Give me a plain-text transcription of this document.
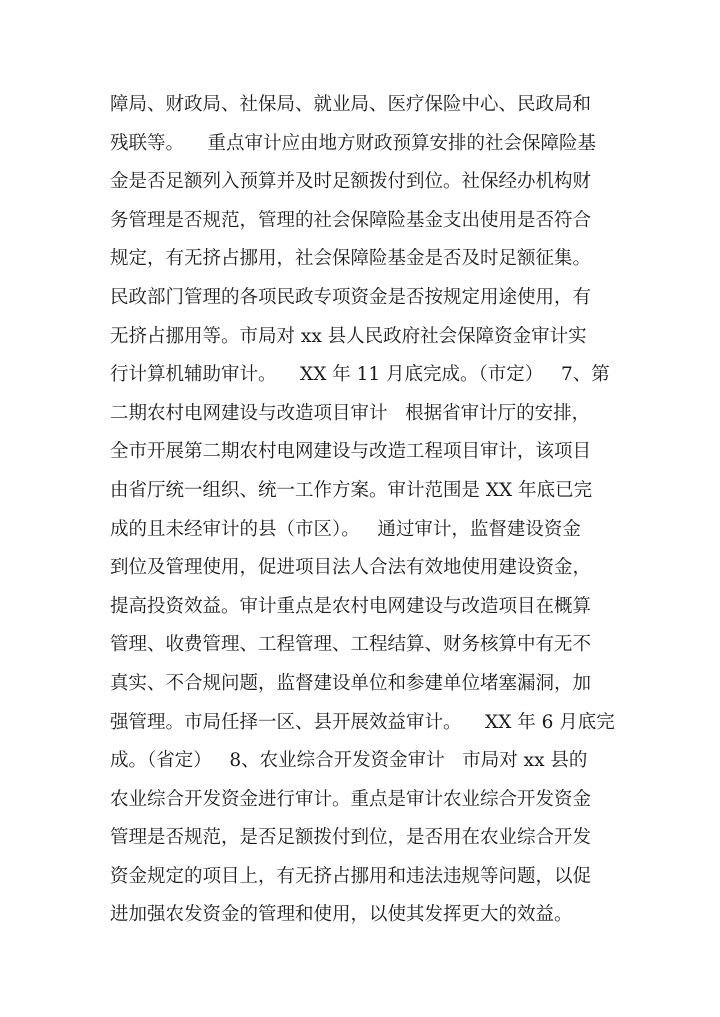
障局、财政局、社保局、就业局、医疗保险中心、民政局和
残联等。    重点审计应由地方财政预算安排的社会保障险基
金是否足额列入预算并及时足额拨付到位。社保经办机构财
务管理是否规范，管理的社会保障险基金支出使用是否符合
规定，有无挤占挪用，社会保障险基金是否及时足额征集。
民政部门管理的各项民政专项资金是否按规定用途使用，有
无挤占挪用等。市局对 xx 县人民政府社会保障资金审计实
行计算机辅助审计。    XX 年 11 月底完成。（市定）   7、第
二期农村电网建设与改造项目审计   根据省审计厅的安排，
全市开展第二期农村电网建设与改造工程项目审计，该项目
由省厅统一组织、统一工作方案。审计范围是 XX 年底已完
成的且未经审计的县（市区）。   通过审计，监督建设资金
到位及管理使用，促进项目法人合法有效地使用建设资金，
提高投资效益。审计重点是农村电网建设与改造项目在概算
管理、收费管理、工程管理、工程结算、财务核算中有无不
真实、不合规问题，监督建设单位和参建单位堵塞漏洞，加
强管理。市局任择一区、县开展效益审计。    XX 年 6 月底完
成。（省定）   8、农业综合开发资金审计   市局对 xx 县的
农业综合开发资金进行审计。重点是审计农业综合开发资金
管理是否规范，是否足额拨付到位，是否用在农业综合开发
资金规定的项目上，有无挤占挪用和违法违规等问题，以促
进加强农发资金的管理和使用，以使其发挥更大的效益。
